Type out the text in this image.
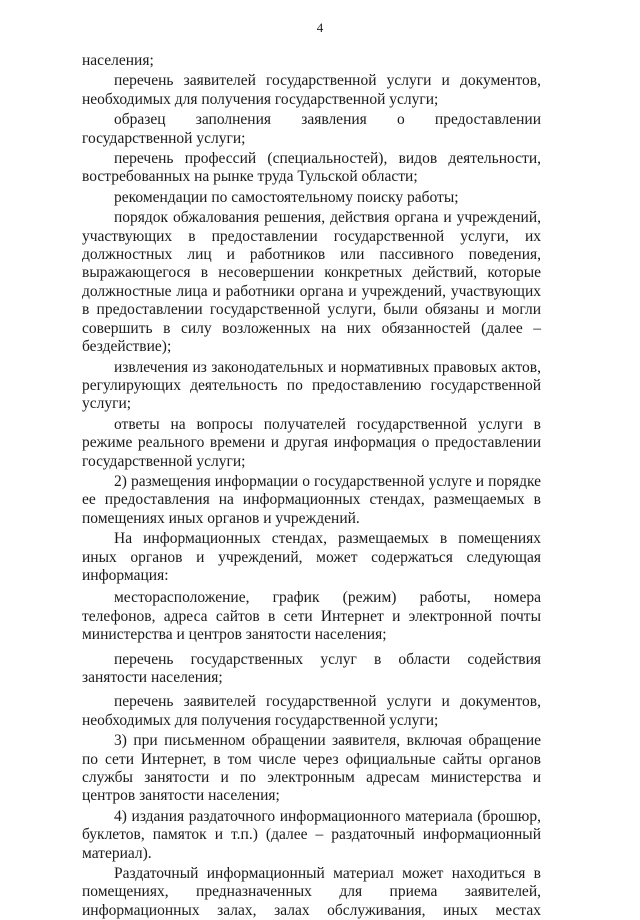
4

населения;

перечень заявителей государственной услуги и документов, необходимых для получения государственной услуги;

образец заполнения заявления о предоставлении государственной услуги;

перечень профессий (специальностей), видов деятельности, востребованных на рынке труда Тульской области;

рекомендации по самостоятельному поиску работы;

порядок обжалования решения, действия органа и учреждений, участвующих в предоставлении государственной услуги, их должностных лиц и работников или пассивного поведения, выражающегося в несовершении конкретных действий, которые должностные лица и работники органа и учреждений, участвующих в предоставлении государственной услуги, были обязаны и могли совершить в силу возложенных на них обязанностей (далее – бездействие);

извлечения из законодательных и нормативных правовых актов, регулирующих деятельность по предоставлению государственной услуги;

ответы на вопросы получателей государственной услуги в режиме реального времени и другая информация о предоставлении государственной услуги;

2) размещения информации о государственной услуге и порядке ее предоставления на информационных стендах, размещаемых в помещениях иных органов и учреждений.

На информационных стендах, размещаемых в помещениях иных органов и учреждений, может содержаться следующая информация:

месторасположение, график (режим) работы, номера телефонов, адреса сайтов в сети Интернет и электронной почты министерства и центров занятости населения;

перечень государственных услуг в области содействия занятости населения;

перечень заявителей государственной услуги и документов, необходимых для получения государственной услуги;

3) при письменном обращении заявителя, включая обращение по сети Интернет, в том числе через официальные сайты органов службы занятости и по электронным адресам министерства и центров занятости населения;

4) издания раздаточного информационного материала (брошюр, буклетов, памяток и т.п.) (далее – раздаточный информационный материал).

Раздаточный информационный материал может находиться в помещениях, предназначенных для приема заявителей, информационных залах, залах обслуживания, иных местах
